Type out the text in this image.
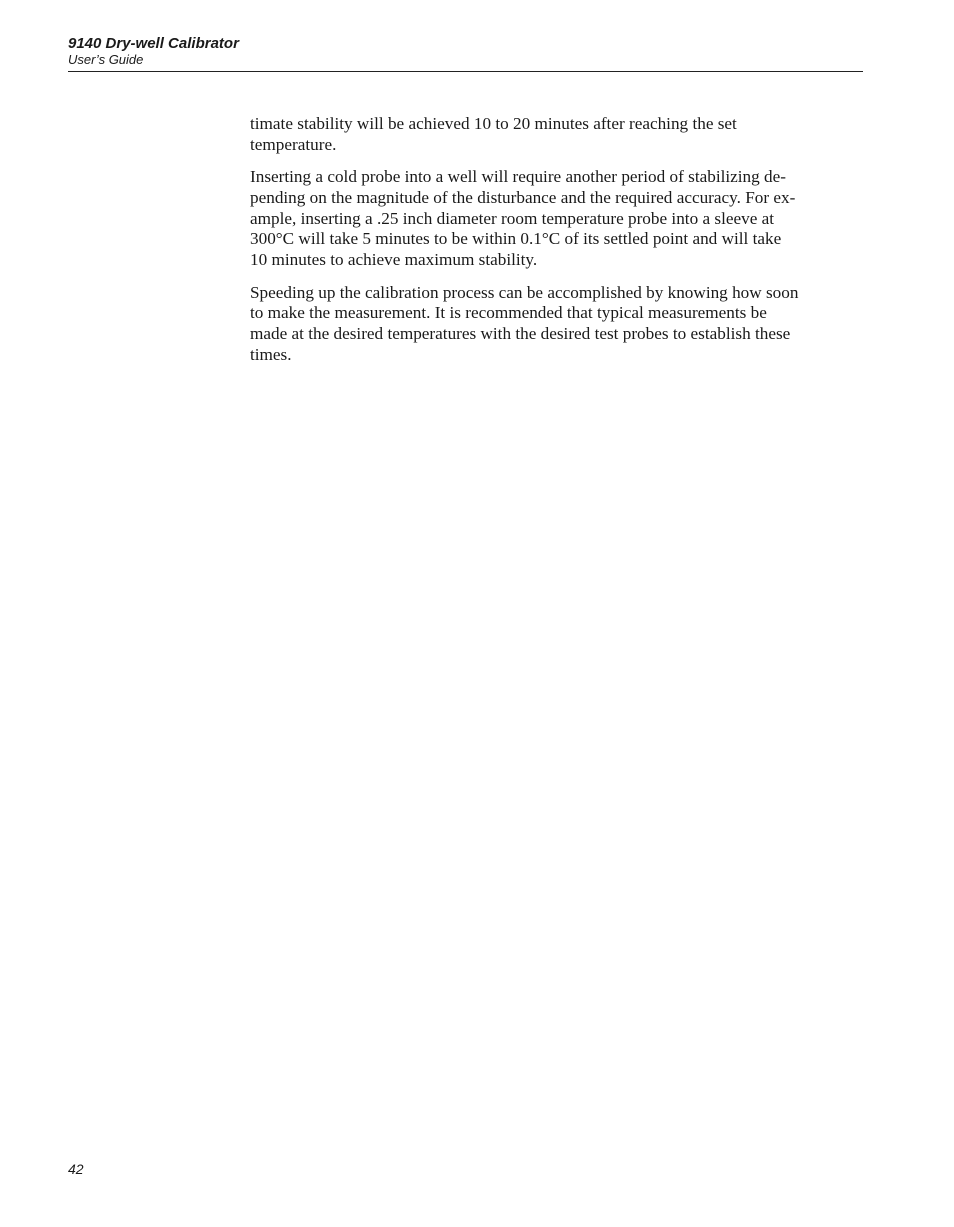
9140 Dry-well Calibrator
User’s Guide

timate stability will be achieved 10 to 20 minutes after reaching the set
temperature.

Inserting a cold probe into a well will require another period of stabilizing de-
pending on the magnitude of the disturbance and the required accuracy. For ex-
ample, inserting a .25 inch diameter room temperature probe into a sleeve at
300°C will take 5 minutes to be within 0.1°C of its settled point and will take
10 minutes to achieve maximum stability.

Speeding up the calibration process can be accomplished by knowing how soon
to make the measurement. It is recommended that typical measurements be
made at the desired temperatures with the desired test probes to establish these
times.

42
